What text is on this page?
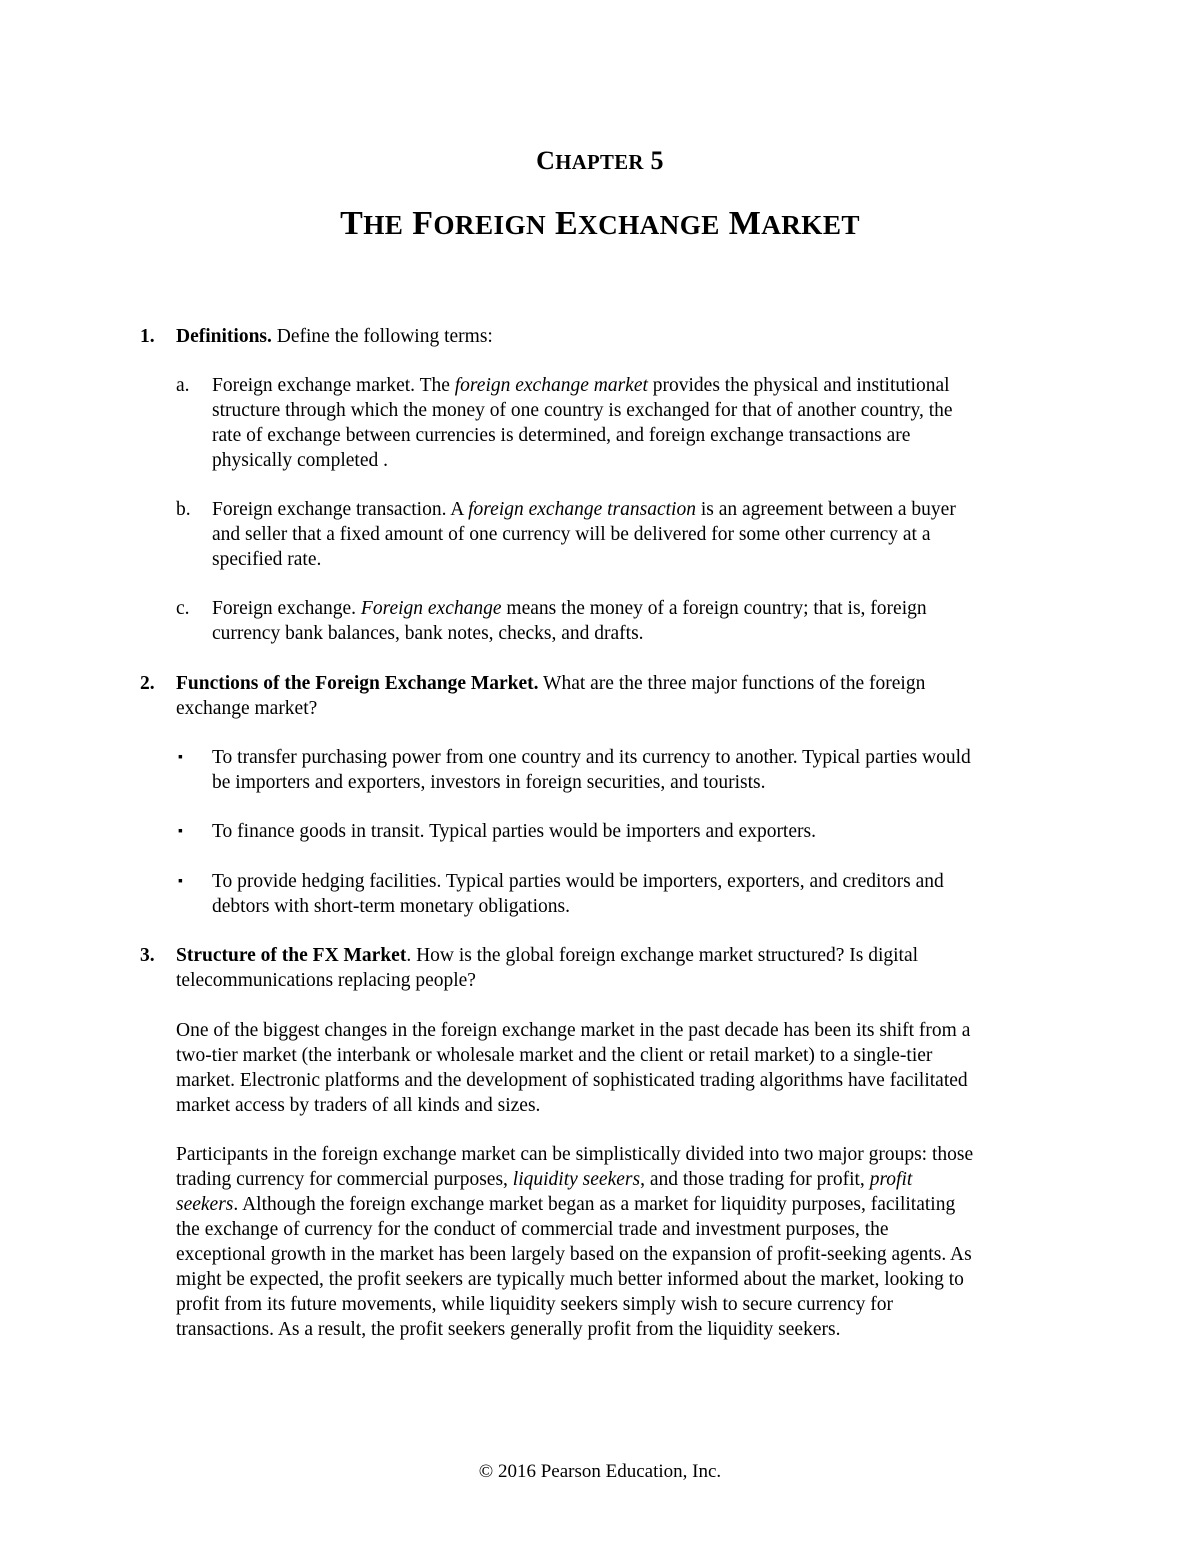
CHAPTER 5
THE FOREIGN EXCHANGE MARKET
1. Definitions. Define the following terms:
a. Foreign exchange market. The foreign exchange market provides the physical and institutional
structure through which the money of one country is exchanged for that of another country, the
rate of exchange between currencies is determined, and foreign exchange transactions are
physically completed .
b. Foreign exchange transaction. A foreign exchange transaction is an agreement between a buyer
and seller that a fixed amount of one currency will be delivered for some other currency at a
specified rate.
c. Foreign exchange. Foreign exchange means the money of a foreign country; that is, foreign
currency bank balances, bank notes, checks, and drafts.
2. Functions of the Foreign Exchange Market. What are the three major functions of the foreign
exchange market?
▪ To transfer purchasing power from one country and its currency to another. Typical parties would
be importers and exporters, investors in foreign securities, and tourists.
▪ To finance goods in transit. Typical parties would be importers and exporters.
▪ To provide hedging facilities. Typical parties would be importers, exporters, and creditors and
debtors with short-term monetary obligations.
3. Structure of the FX Market. How is the global foreign exchange market structured? Is digital
telecommunications replacing people?
One of the biggest changes in the foreign exchange market in the past decade has been its shift from a
two-tier market (the interbank or wholesale market and the client or retail market) to a single-tier
market. Electronic platforms and the development of sophisticated trading algorithms have facilitated
market access by traders of all kinds and sizes.
Participants in the foreign exchange market can be simplistically divided into two major groups: those
trading currency for commercial purposes, liquidity seekers, and those trading for profit, profit
seekers. Although the foreign exchange market began as a market for liquidity purposes, facilitating
the exchange of currency for the conduct of commercial trade and investment purposes, the
exceptional growth in the market has been largely based on the expansion of profit-seeking agents. As
might be expected, the profit seekers are typically much better informed about the market, looking to
profit from its future movements, while liquidity seekers simply wish to secure currency for
transactions. As a result, the profit seekers generally profit from the liquidity seekers.
© 2016 Pearson Education, Inc.
